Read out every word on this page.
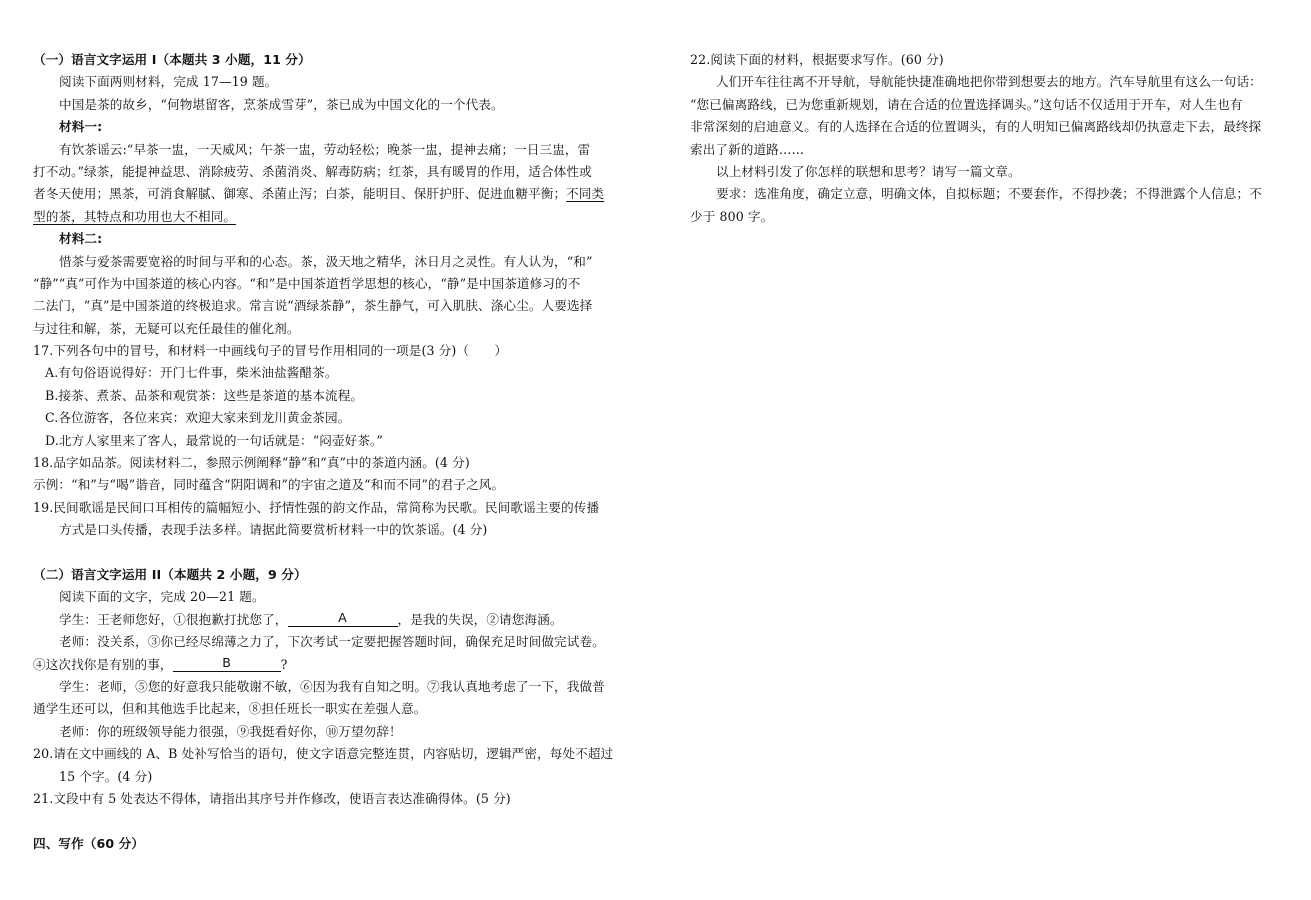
（一）语言文字运用 I（本题共 3 小题，11 分）
阅读下面两则材料，完成 17—19 题。
中国是茶的故乡，“何物堪留客，烹茶成雪芽”，茶已成为中国文化的一个代表。
材料一:
有饮茶谣云:“早茶一盅，一天威风；午茶一盅，劳动轻松；晚茶一盅，提神去痛；一日三盅，雷
打不动。”绿茶，能提神益思、消除疲劳、杀菌消炎、解毒防病；红茶，具有暖胃的作用，适合体性或
者冬天使用；黑茶，可消食解腻、御寒、杀菌止泻；白茶，能明目、保肝护肝、促进血糖平衡；不同类
型的茶，其特点和功用也大不相同。
材料二:
惜茶与爱茶需要宽裕的时间与平和的心态。茶，汲天地之精华，沐日月之灵性。有人认为，“和”
“静”“真”可作为中国茶道的核心内容。“和”是中国茶道哲学思想的核心，“静”是中国茶道修习的不
二法门，“真”是中国茶道的终极追求。常言说“酒绿茶静”，茶生静气，可入肌肤、涤心尘。人要选择
与过往和解，茶，无疑可以充任最佳的催化剂。
17.下列各句中的冒号，和材料一中画线句子的冒号作用相同的一项是(3 分)（　　）
A.有句俗语说得好：开门七件事，柴米油盐酱醋茶。
B.接茶、煮茶、品茶和观赏茶：这些是茶道的基本流程。
C.各位游客，各位来宾：欢迎大家来到龙川黄金茶园。
D.北方人家里来了客人，最常说的一句话就是：“闷壶好茶。”
18.品字如品茶。阅读材料二，参照示例阐释“静”和“真”中的茶道内涵。(4 分)
示例：“和”与“喝”谐音，同时蕴含“阴阳调和”的宇宙之道及“和而不同”的君子之风。
19.民间歌谣是民间口耳相传的篇幅短小、抒情性强的韵文作品，常简称为民歌。民间歌谣主要的传播
方式是口头传播，表现手法多样。请据此简要赏析材料一中的饮茶谣。(4 分)
（二）语言文字运用 II（本题共 2 小题，9 分）
阅读下面的文字，完成 20—21 题。
学生：王老师您好，①很抱歉打扰您了，	A	，是我的失误，②请您海涵。
老师：没关系，③你已经尽绵薄之力了，下次考试一定要把握答题时间，确保充足时间做完试卷。
④这次找你是有别的事，	B	?
学生：老师，⑤您的好意我只能敬谢不敏，⑥因为我有自知之明。⑦我认真地考虑了一下，我做普
通学生还可以，但和其他选手比起来，⑧担任班长一职实在差强人意。
老师：你的班级领导能力很强，⑨我挺看好你，⑩万望勿辞！
20.请在文中画线的 A、B 处补写恰当的语句，使文字语意完整连贯，内容贴切，逻辑严密，每处不超过
15 个字。(4 分)
21.文段中有 5 处表达不得体，请指出其序号并作修改，使语言表达准确得体。(5 分)
四、写作（60 分）
22.阅读下面的材料，根据要求写作。(60 分)
人们开车往往离不开导航，导航能快捷准确地把你带到想要去的地方。汽车导航里有这么一句话：
“您已偏离路线，已为您重新规划，请在合适的位置选择调头。”这句话不仅适用于开车，对人生也有
非常深刻的启迪意义。有的人选择在合适的位置调头，有的人明知已偏离路线却仍执意走下去，最终探
索出了新的道路……
以上材料引发了你怎样的联想和思考？请写一篇文章。
要求：选准角度，确定立意，明确文体，自拟标题；不要套作，不得抄袭；不得泄露个人信息；不
少于 800 字。
